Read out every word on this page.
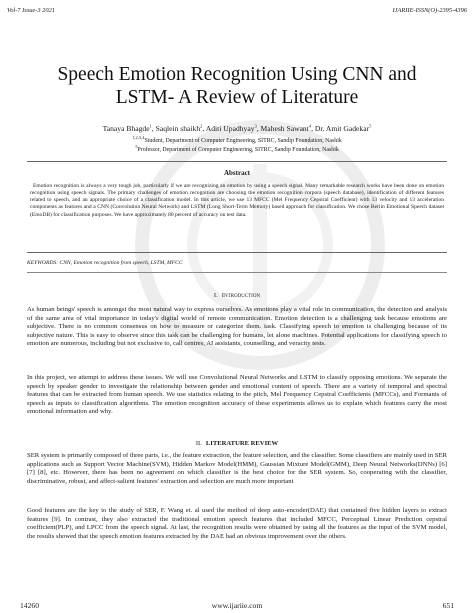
Vol-7 Issue-3 2021	IJARIIE-ISSN(O)-2395-4396
Speech Emotion Recognition Using CNN and
LSTM- A Review of Literature
Tanaya Bhagde$^1$, Saqlein shaikh$^2$, Aditi Upadhyay$^3$, Mahesh Sawant$^4$, Dr. Amit Gadekar$^5$
$^{1,2,3,4}$Student, Department of Computer Engineering, SITRC, Sandip Foundation, Nashik
$^5$Professor, Department of Computer Engineering, SITRC, Sandip Foundation, Nashik
Abstract
Emotion recognition is always a very tough job, particularly if we are recognizing an emotion by using a speech signal. Many remarkable research works have been done on emotion recognition using speech signals. The primary challenges of emotion recognition are choosing the emotion recognition corpora (speech database), identification of different features related to speech, and an appropriate choice of a classification model. In this article, we use 13 MFCC (Mel Frequency Cepstral Coefficient) with 13 velocity and 13 acceleration components as features and a CNN (Convolution Neural Network) and LSTM (Long Short-Term Memory) based approach for classification. We chose Berlin Emotional Speech dataset (EmoDB) for classification purposes. We have approximately 80 percent of accuracy on test data.
KEYWORDS: CNN, Emotion recognition from speech, LSTM, MFCC
I. Introduction
As human beings' speech is amongst the most natural way to express ourselves. As emotions play a vital role in communication, the detection and analysis of the same area of vital importance in today's digital world of remote communication. Emotion detection is a challenging task because emotions are subjective. There is no common consensus on how to measure or categorize them. task. Classifying speech to emotion is challenging because of its subjective nature. This is easy to observe since this task can be challenging for humans, let alone machines. Potential applications for classifying speech to emotion are numerous, including but not exclusive to, call centres, AI assistants, counselling, and veracity tests.
In this project, we attempt to address these issues. We will use Convolutional Neural Networks and LSTM to classify opposing emotions. We separate the speech by speaker gender to investigate the relationship between gender and emotional content of speech. There are a variety of temporal and spectral features that can be extracted from human speech. We use statistics relating to the pitch, Mel Frequency Cepstral Coefficients (MFCCs), and Formants of speech as inputs to classification algorithms. The emotion recognition accuracy of these experiments allows us to explain which features carry the most emotional information and why.
II. LITERATURE REVIEW
SER system is primarily composed of three parts, i.e., the feature extraction, the feature selection, and the classifier. Some classifiers are mainly used in SER applications such as Support Vector Machine(SVM), Hidden Markov Model(HMM), Gaussian Mixture Model(GMM), Deep Neural Networks(DNNs) [6] [7] [8], etc. However, there has been no agreement on which classifier is the best choice for the SER system. So, cooperating with the classifier, discriminative, robust, and affect-salient features' extraction and selection are much more important
Good features are the key to the study of SER, F. Wang et. al used the method of deep auto-encoder(DAE) that contained five hidden layers to extract features [9]. In contrast, they also extracted the traditional emotion speech features that included MFCC, Perceptual Linear Prediction cepstral coefficient(PLP), and LPCC from the speech signal. At last, the recognition results were obtained by using all the features as the input of the SVM model, the results showed that the speech emotion features extracted by the DAE had an obvious improvement over the others.
14260	www.ijariie.com	651
